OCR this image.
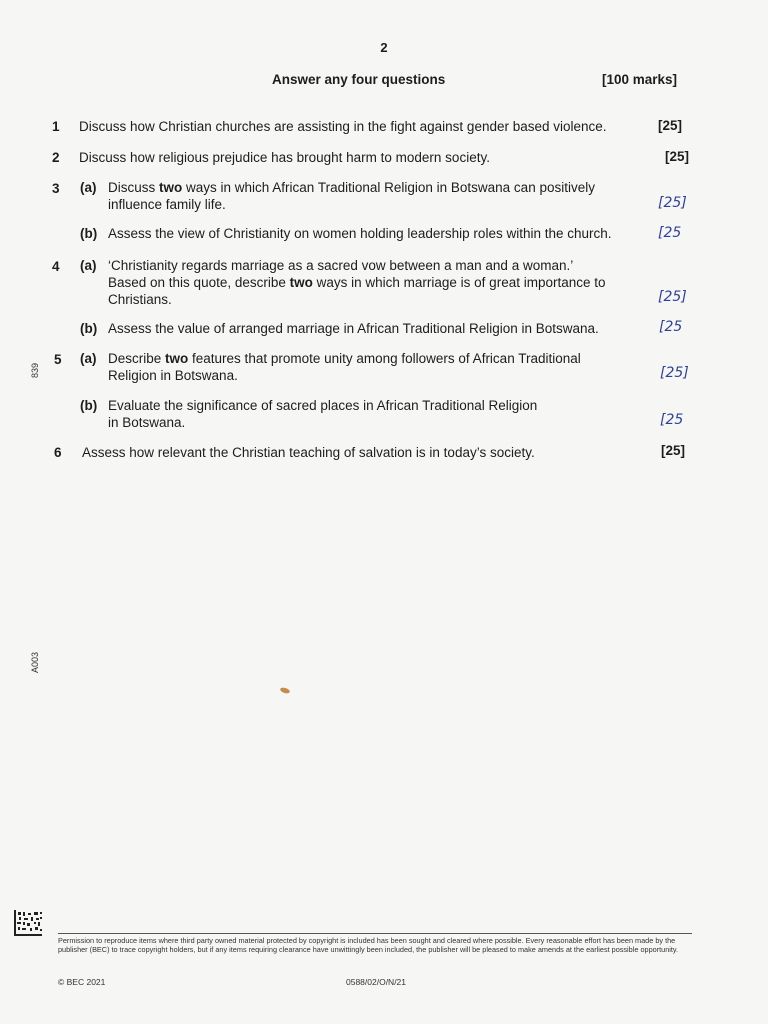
2
Answer any four questions	[100 marks]
1 Discuss how Christian churches are assisting in the fight against gender based violence.	[25]
2 Discuss how religious prejudice has brought harm to modern society.	[25]
3 (a) Discuss two ways in which African Traditional Religion in Botswana can positively
influence family life.	[25]
(b) Assess the view of Christianity on women holding leadership roles within the church.	[25
4 (a) ‘Christianity regards marriage as a sacred vow between a man and a woman.’
Based on this quote, describe two ways in which marriage is of great importance to
Christians.	[25]
(b) Assess the value of arranged marriage in African Traditional Religion in Botswana.	[25
5 (a) Describe two features that promote unity among followers of African Traditional
Religion in Botswana.	[25]
(b) Evaluate the significance of sacred places in African Traditional Religion
in Botswana.	[25
6 Assess how relevant the Christian teaching of salvation is in today’s society.	[25]
839
A003
Permission to reproduce items where third party owned material protected by copyright is included has been sought and cleared where possible. Every reasonable effort has been made by the publisher (BEC) to trace copyright holders, but if any items requiring clearance have unwittingly been included, the publisher will be pleased to make amends at the earliest possible opportunity.
© BEC 2021	0588/02/O/N/21
